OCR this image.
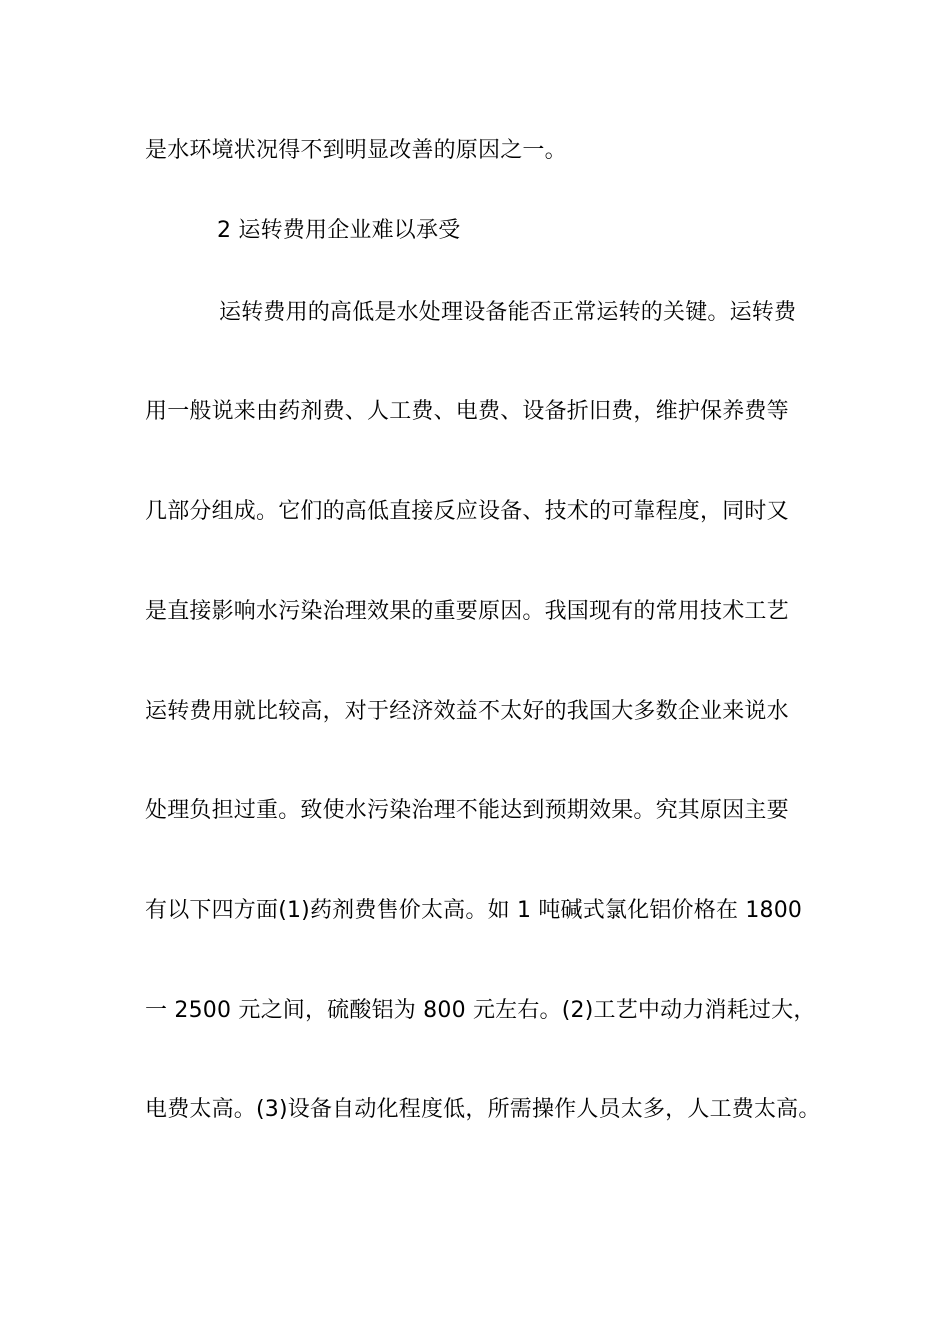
是水环境状况得不到明显改善的原因之一。
2 运转费用企业难以承受
运转费用的高低是水处理设备能否正常运转的关键。运转费
用一般说来由药剂费、人工费、电费、设备折旧费，维护保养费等
几部分组成。它们的高低直接反应设备、技术的可靠程度，同时又
是直接影响水污染治理效果的重要原因。我国现有的常用技术工艺
运转费用就比较高，对于经济效益不太好的我国大多数企业来说水
处理负担过重。致使水污染治理不能达到预期效果。究其原因主要
有以下四方面(1)药剂费售价太高。如 1 吨碱式氯化铝价格在 1800
一 2500 元之间，硫酸铝为 800 元左右。(2)工艺中动力消耗过大，
电费太高。(3)设备自动化程度低，所需操作人员太多，人工费太高。
